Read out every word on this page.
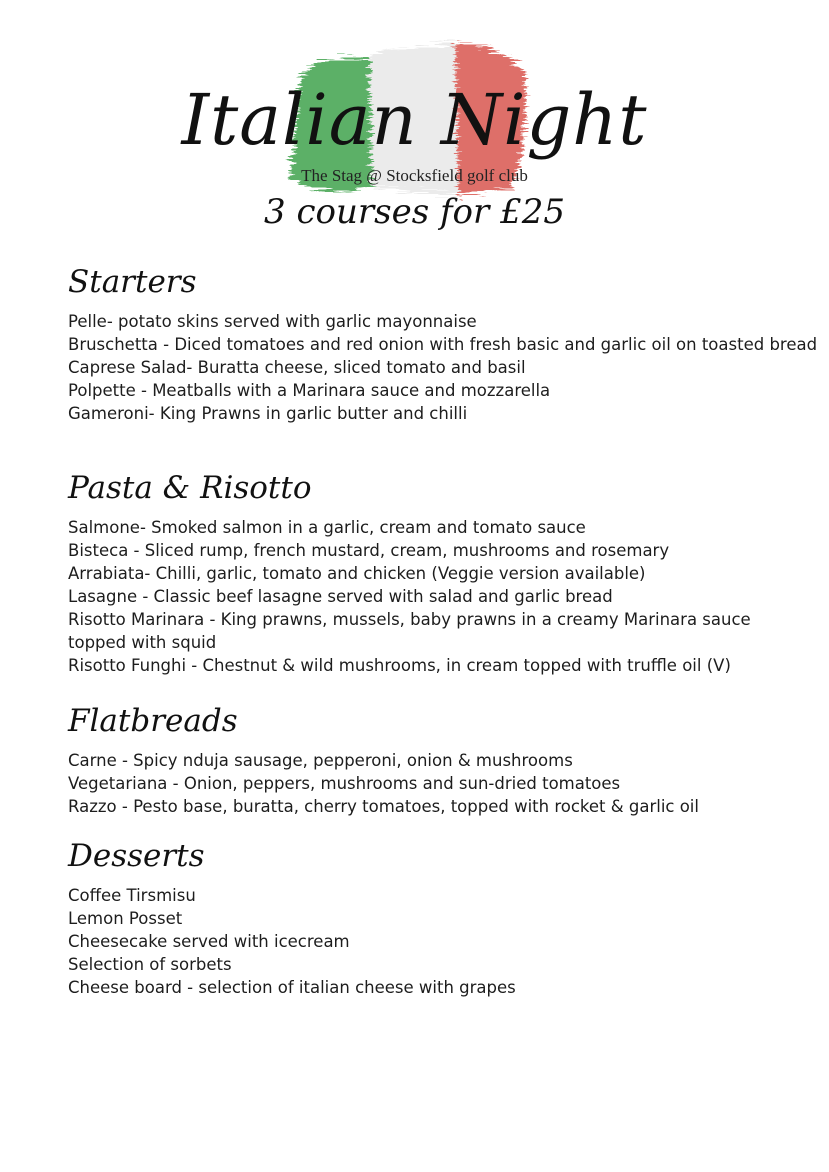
Italian Night
The Stag @ Stocksfield golf club
3 courses for £25
Starters
Pelle- potato skins served with garlic mayonnaise
Bruschetta - Diced tomatoes and red onion with fresh basic and garlic oil on toasted bread
Caprese Salad- Buratta cheese, sliced tomato and basil
Polpette - Meatballs with a Marinara sauce and mozzarella
Gameroni- King Prawns in garlic butter and chilli
Pasta & Risotto
Salmone- Smoked salmon in a garlic, cream and tomato sauce
Bisteca - Sliced rump, french mustard, cream, mushrooms and rosemary
Arrabiata- Chilli, garlic, tomato and chicken (Veggie version available)
Lasagne - Classic beef lasagne served with salad and garlic bread
Risotto Marinara - King prawns, mussels, baby prawns in a creamy Marinara sauce topped with squid
Risotto Funghi - Chestnut & wild mushrooms, in cream topped with truffle oil (V)
Flatbreads
Carne - Spicy nduja sausage, pepperoni, onion & mushrooms
Vegetariana - Onion, peppers, mushrooms and sun-dried tomatoes
Razzo - Pesto base, buratta, cherry tomatoes, topped with rocket & garlic oil
Desserts
Coffee Tirsmisu
Lemon Posset
Cheesecake served with icecream
Selection of sorbets
Cheese board - selection of italian cheese with grapes
